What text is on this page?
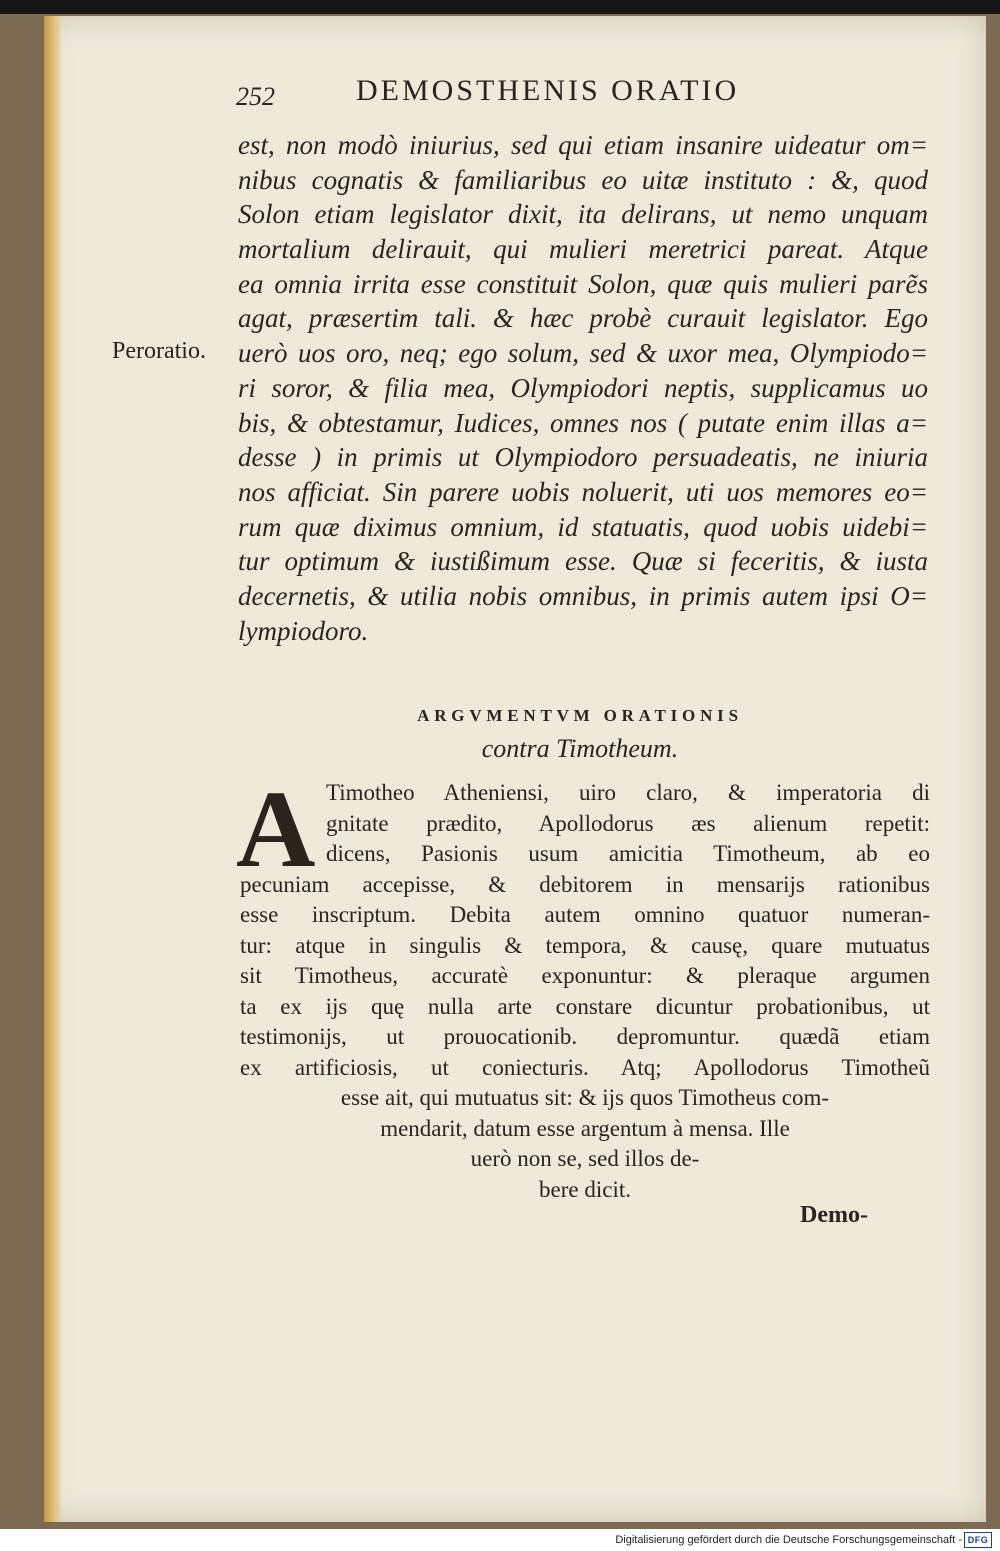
252	DEMOSTHENIS ORATIO
est, non modò iniurius, sed qui etiam insanire uideatur om=
nibus cognatis & familiaribus eo uitæ instituto : &, quod
Solon etiam legislator dixit, ita delirans, ut nemo unquam
mortalium delirauit, qui mulieri meretrici pareat. Atque
ea omnia irrita esse constituit Solon, quæ quis mulieri parẽs
agat, præsertim tali. & hæc probè curauit legislator. Ego
uerò uos oro, neq; ego solum, sed & uxor mea, Olympiodo=
ri soror, & filia mea, Olympiodori neptis, supplicamus uo
bis, & obtestamur, Iudices, omnes nos ( putate enim illas a=
desse ) in primis ut Olympiodoro persuadeatis, ne iniuria
nos afficiat. Sin parere uobis noluerit, uti uos memores eo=
rum quæ diximus omnium, id statuatis, quod uobis uidebi=
tur optimum & iustißimum esse. Quæ si feceritis, & iusta
decernetis, & utilia nobis omnibus, in primis autem ipsi O=
lympiodoro.
Peroratio.
ARGVMENTVM ORATIONIS
contra Timotheum.
A Timotheo Atheniensi, uiro claro, & imperatoria di
gnitate prædito, Apollodorus æs alienum repetit:
dicens, Pasionis usum amicitia Timotheum, ab eo
pecuniam accepisse, & debitorem in mensarijs rationibus
esse inscriptum. Debita autem omnino quatuor numeran-
tur: atque in singulis & tempora, & causę, quare mutuatus
sit Timotheus, accuratè exponuntur: & pleraque argumen
ta ex ijs quę nulla arte constare dicuntur probationibus, ut
testimonijs, ut prouocationib. depromuntur. quædã etiam
ex artificiosis, ut coniecturis. Atq; Apollodorus Timotheũ
esse ait, qui mutuatus sit: & ijs quos Timotheus com-
mendarit, datum esse argentum à mensa. Ille
uerò non se, sed illos de-
bere dicit.
Demo-
Digitalisierung gefördert durch die Deutsche Forschungsgemeinschaft - DFG
